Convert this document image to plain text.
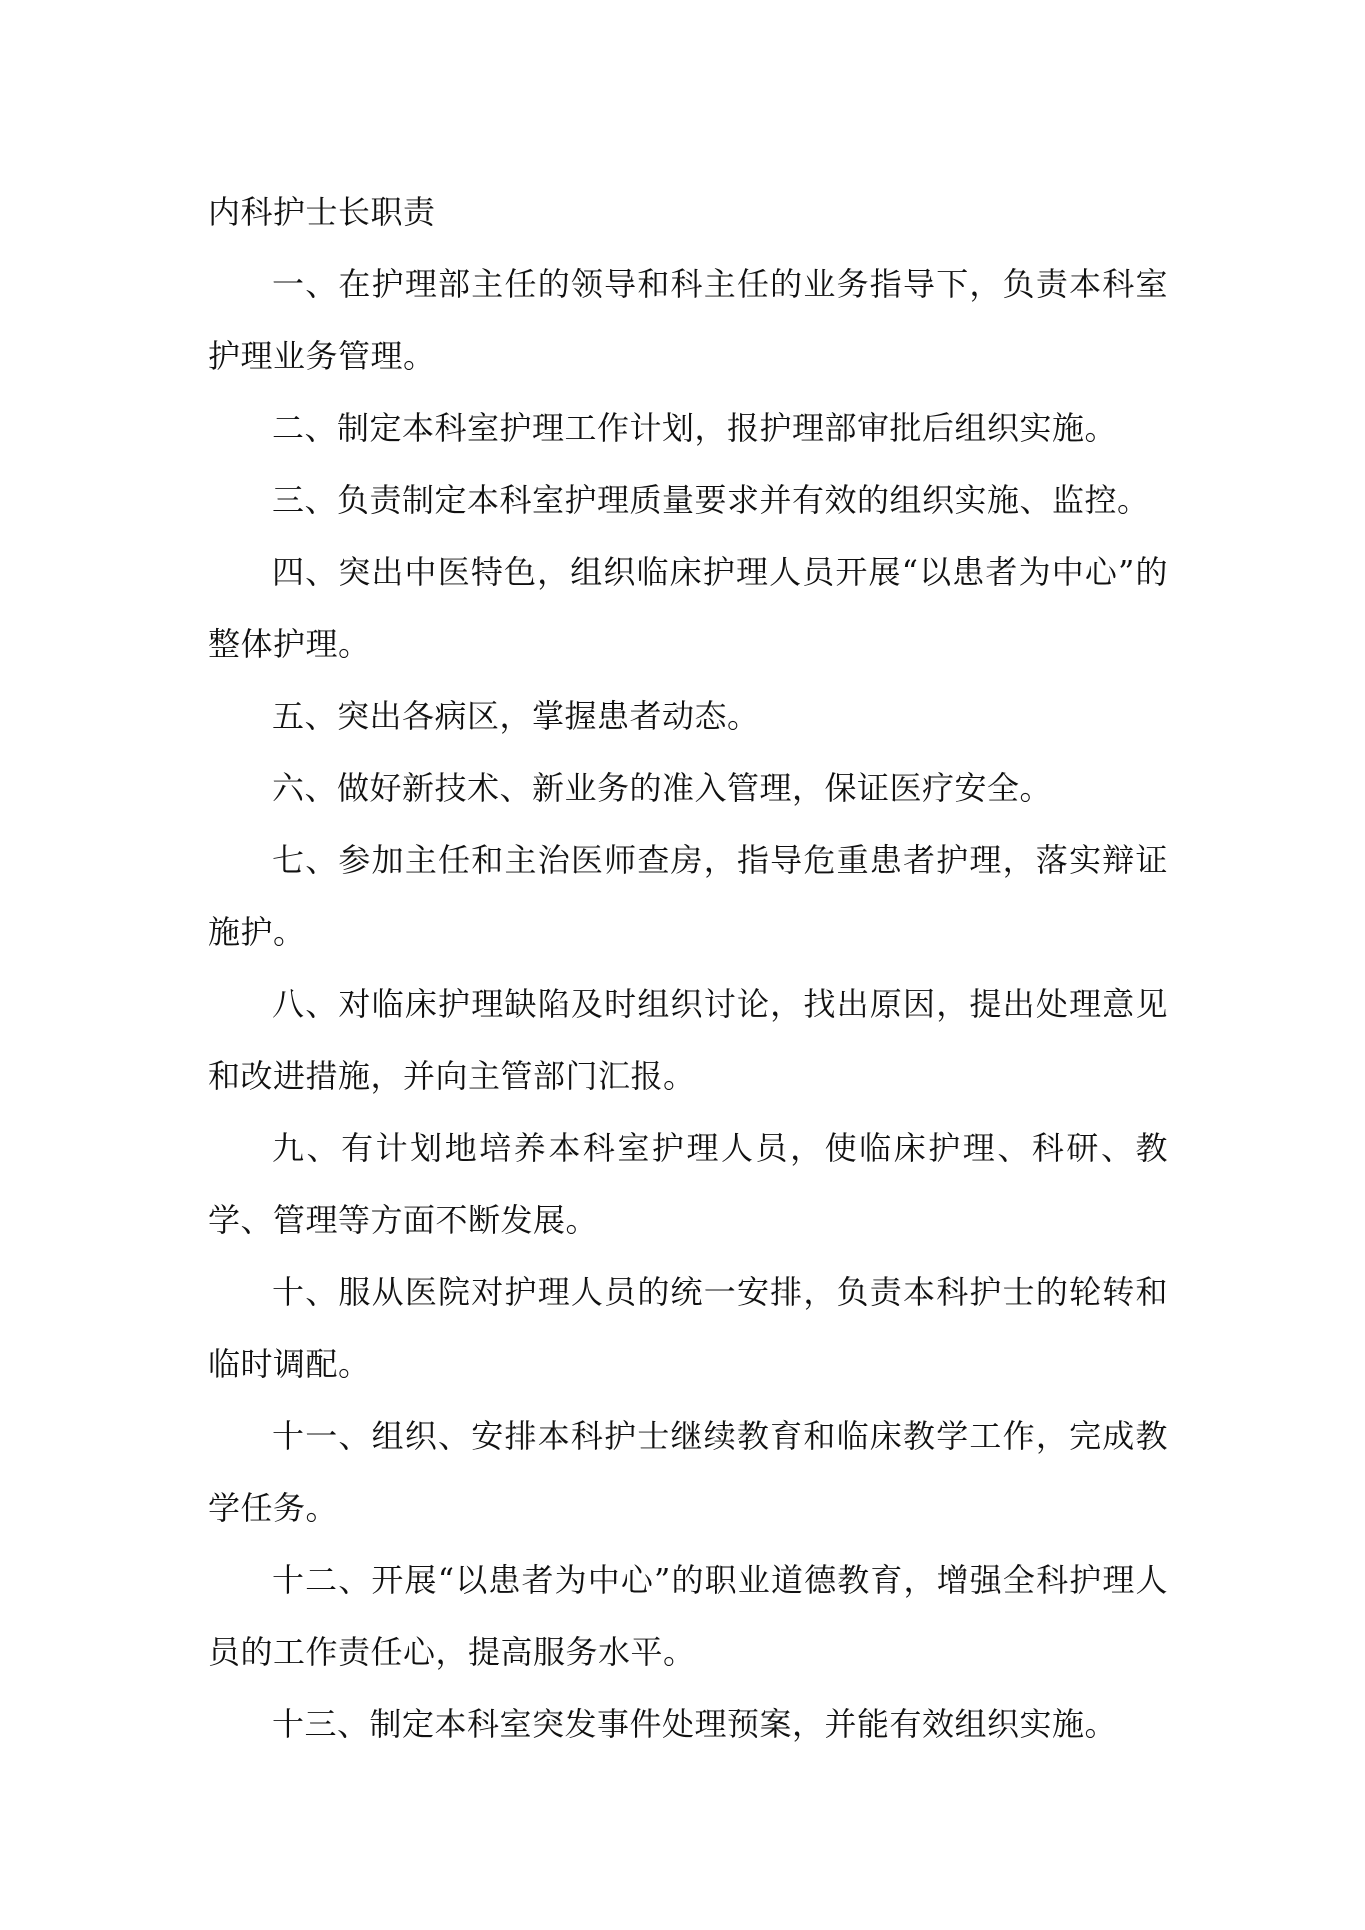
内科护士长职责

一、在护理部主任的领导和科主任的业务指导下，负责本科室护理业务管理。

二、制定本科室护理工作计划，报护理部审批后组织实施。

三、负责制定本科室护理质量要求并有效的组织实施、监控。

四、突出中医特色，组织临床护理人员开展“以患者为中心”的整体护理。

五、突出各病区，掌握患者动态。

六、做好新技术、新业务的准入管理，保证医疗安全。

七、参加主任和主治医师查房，指导危重患者护理，落实辩证施护。

八、对临床护理缺陷及时组织讨论，找出原因，提出处理意见和改进措施，并向主管部门汇报。

九、有计划地培养本科室护理人员，使临床护理、科研、教学、管理等方面不断发展。

十、服从医院对护理人员的统一安排，负责本科护士的轮转和临时调配。

十一、组织、安排本科护士继续教育和临床教学工作，完成教学任务。

十二、开展“以患者为中心”的职业道德教育，增强全科护理人员的工作责任心，提高服务水平。

十三、制定本科室突发事件处理预案，并能有效组织实施。
